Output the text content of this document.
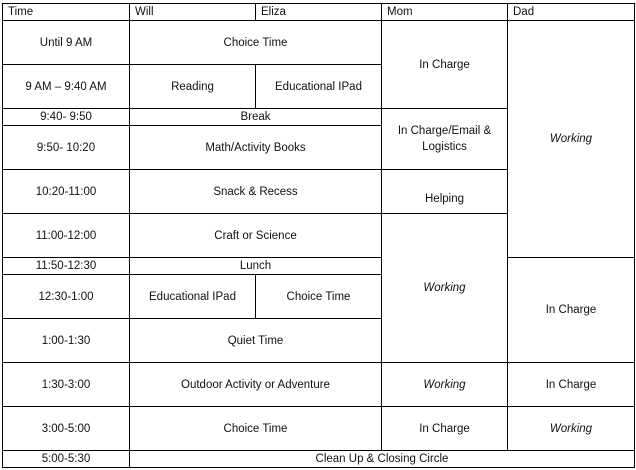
Time	Will	Eliza	Mom	Dad
Until 9 AM	Choice Time		In Charge	Working
9 AM – 9:40 AM	Reading	Educational IPad		
9:40- 9:50	Break		In Charge/Email & Logistics	
9:50- 10:20	Math/Activity Books			
10:20-11:00	Snack & Recess		Helping	
11:00-12:00	Craft or Science		Working	
11:50-12:30	Lunch			In Charge
12:30-1:00	Educational IPad	Choice Time		
1:00-1:30	Quiet Time			
1:30-3:00	Outdoor Activity or Adventure		Working	In Charge
3:00-5:00	Choice Time		In Charge	Working
5:00-5:30	Clean Up & Closing Circle			
